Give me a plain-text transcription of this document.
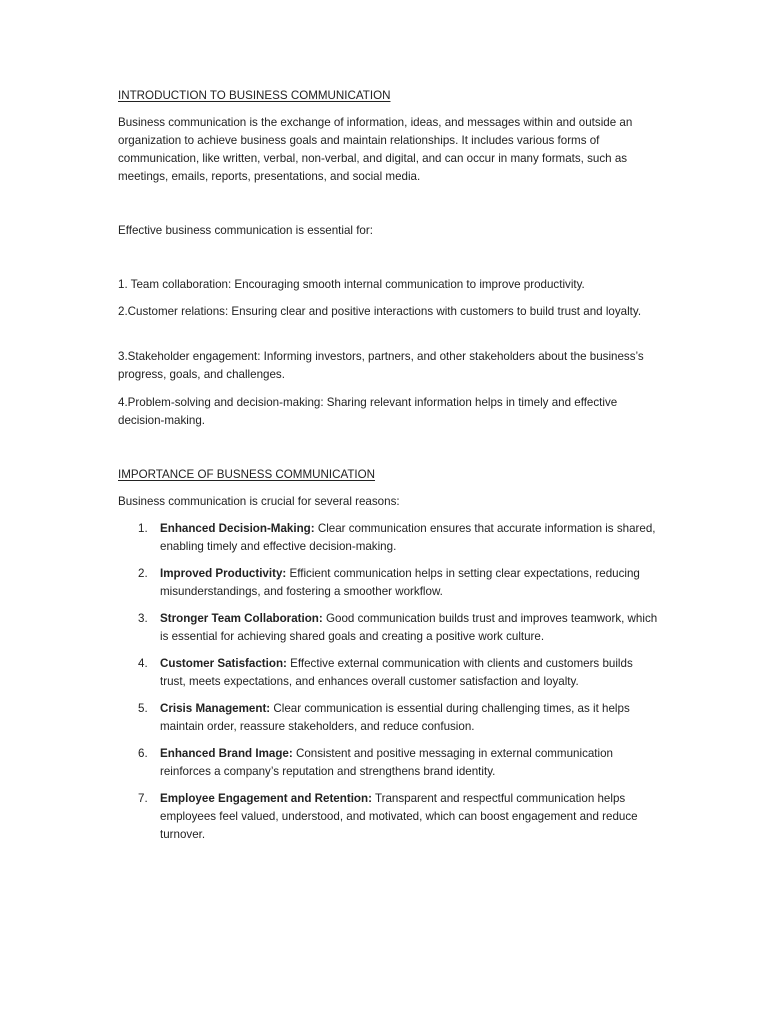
INTRODUCTION TO BUSINESS COMMUNICATION

Business communication is the exchange of information, ideas, and messages within and outside an organization to achieve business goals and maintain relationships. It includes various forms of communication, like written, verbal, non-verbal, and digital, and can occur in many formats, such as meetings, emails, reports, presentations, and social media.

Effective business communication is essential for:
1. Team collaboration: Encouraging smooth internal communication to improve productivity.
2.Customer relations: Ensuring clear and positive interactions with customers to build trust and loyalty.
3.Stakeholder engagement: Informing investors, partners, and other stakeholders about the business’s progress, goals, and challenges.
4.Problem-solving and decision-making: Sharing relevant information helps in timely and effective decision-making.
IMPORTANCE OF BUSNESS COMMUNICATION
Business communication is crucial for several reasons:
1.	Enhanced Decision-Making: Clear communication ensures that accurate information is shared, enabling timely and effective decision-making.
2.	Improved Productivity: Efficient communication helps in setting clear expectations, reducing misunderstandings, and fostering a smoother workflow.
3.	Stronger Team Collaboration: Good communication builds trust and improves teamwork, which is essential for achieving shared goals and creating a positive work culture.
4.	Customer Satisfaction: Effective external communication with clients and customers builds trust, meets expectations, and enhances overall customer satisfaction and loyalty.
5.	Crisis Management: Clear communication is essential during challenging times, as it helps maintain order, reassure stakeholders, and reduce confusion.
6.	Enhanced Brand Image: Consistent and positive messaging in external communication reinforces a company’s reputation and strengthens brand identity.
7.	Employee Engagement and Retention: Transparent and respectful communication helps employees feel valued, understood, and motivated, which can boost engagement and reduce turnover.
